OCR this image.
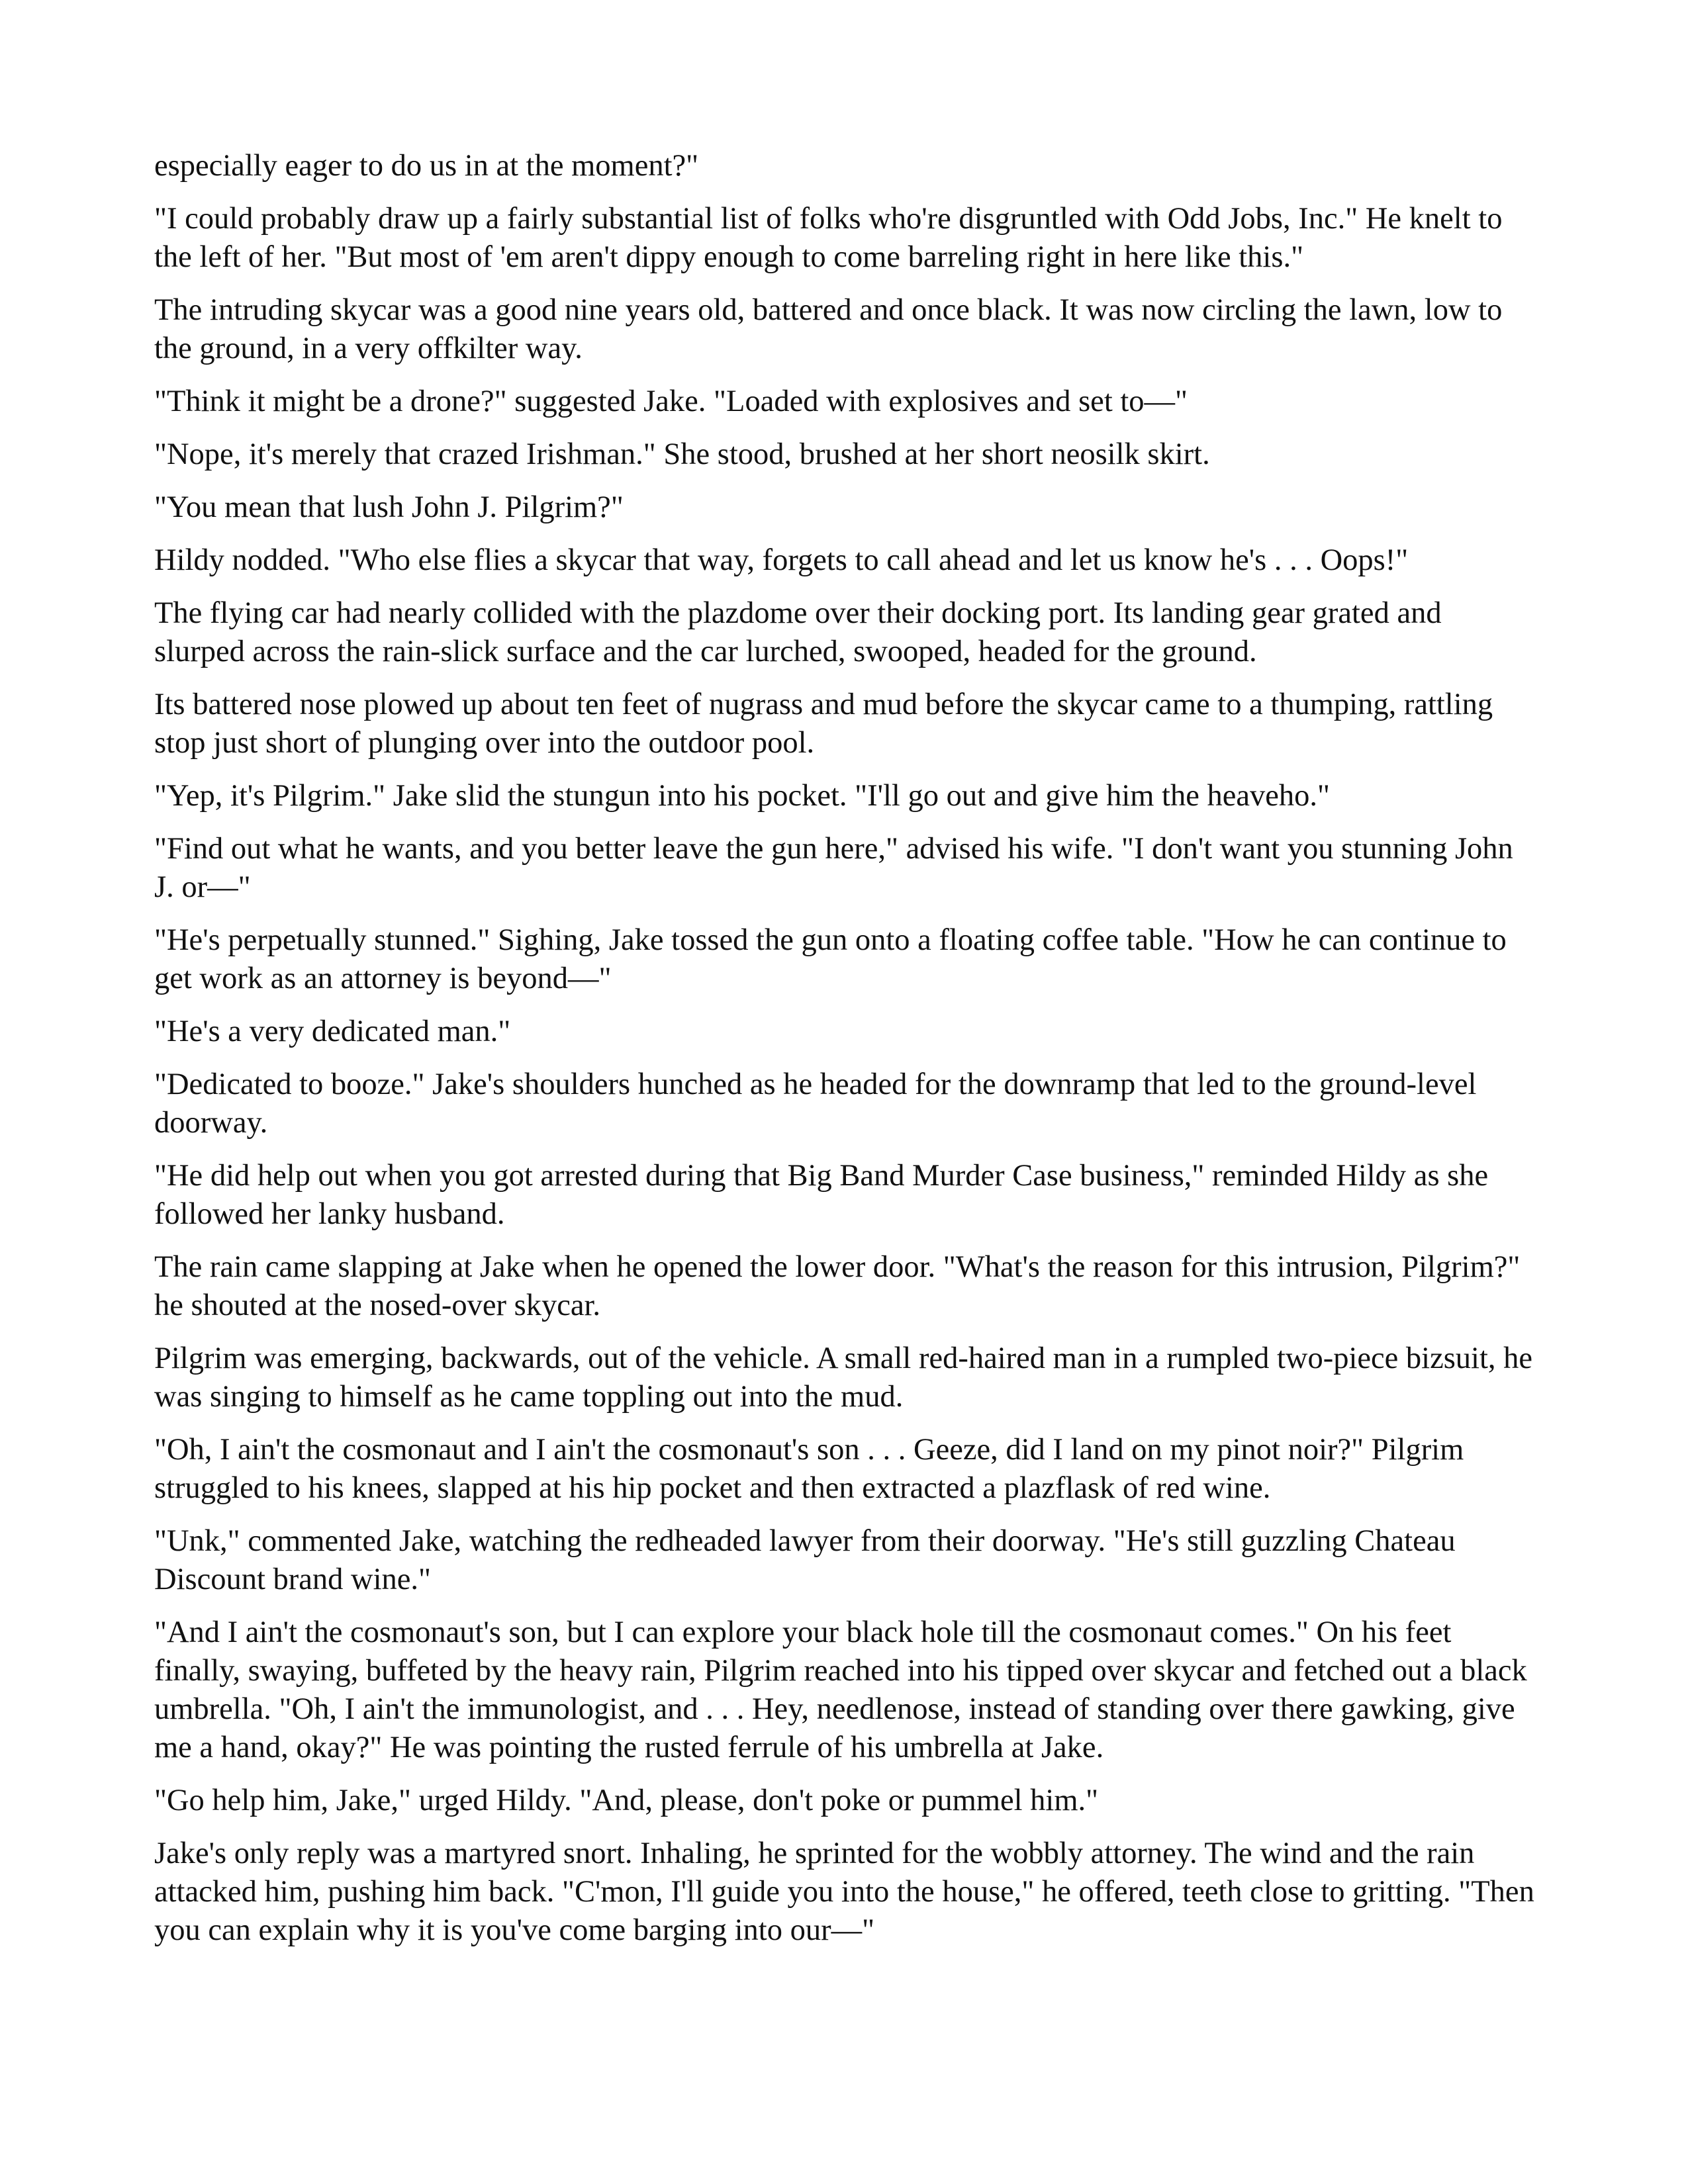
especially eager to do us in at the moment?"

"I could probably draw up a fairly substantial list of folks who're disgruntled with Odd Jobs, Inc." He knelt to the left of her. "But most of 'em aren't dippy enough to come barreling right in here like this."

The intruding skycar was a good nine years old, battered and once black. It was now circling the lawn, low to the ground, in a very offkilter way.

"Think it might be a drone?" suggested Jake. "Loaded with explosives and set to—"

"Nope, it's merely that crazed Irishman." She stood, brushed at her short neosilk skirt.

"You mean that lush John J. Pilgrim?"

Hildy nodded. "Who else flies a skycar that way, forgets to call ahead and let us know he's . . . Oops!"

The flying car had nearly collided with the plazdome over their docking port. Its landing gear grated and slurped across the rain-slick surface and the car lurched, swooped, headed for the ground.

Its battered nose plowed up about ten feet of nugrass and mud before the skycar came to a thumping, rattling stop just short of plunging over into the outdoor pool.

"Yep, it's Pilgrim." Jake slid the stungun into his pocket. "I'll go out and give him the heaveho."

"Find out what he wants, and you better leave the gun here," advised his wife. "I don't want you stunning John J. or—"

"He's perpetually stunned." Sighing, Jake tossed the gun onto a floating coffee table. "How he can continue to get work as an attorney is beyond—"

"He's a very dedicated man."

"Dedicated to booze." Jake's shoulders hunched as he headed for the downramp that led to the ground-level doorway.

"He did help out when you got arrested during that Big Band Murder Case business," reminded Hildy as she followed her lanky husband.

The rain came slapping at Jake when he opened the lower door. "What's the reason for this intrusion, Pilgrim?" he shouted at the nosed-over skycar.

Pilgrim was emerging, backwards, out of the vehicle. A small red-haired man in a rumpled two-piece bizsuit, he was singing to himself as he came toppling out into the mud.

"Oh, I ain't the cosmonaut and I ain't the cosmonaut's son . . . Geeze, did I land on my pinot noir?" Pilgrim struggled to his knees, slapped at his hip pocket and then extracted a plazflask of red wine.

"Unk," commented Jake, watching the redheaded lawyer from their doorway. "He's still guzzling Chateau Discount brand wine."

"And I ain't the cosmonaut's son, but I can explore your black hole till the cosmonaut comes." On his feet finally, swaying, buffeted by the heavy rain, Pilgrim reached into his tipped over skycar and fetched out a black umbrella. "Oh, I ain't the immunologist, and . . . Hey, needlenose, instead of standing over there gawking, give me a hand, okay?" He was pointing the rusted ferrule of his umbrella at Jake.

"Go help him, Jake," urged Hildy. "And, please, don't poke or pummel him."

Jake's only reply was a martyred snort. Inhaling, he sprinted for the wobbly attorney. The wind and the rain attacked him, pushing him back. "C'mon, I'll guide you into the house," he offered, teeth close to gritting. "Then you can explain why it is you've come barging into our—"
